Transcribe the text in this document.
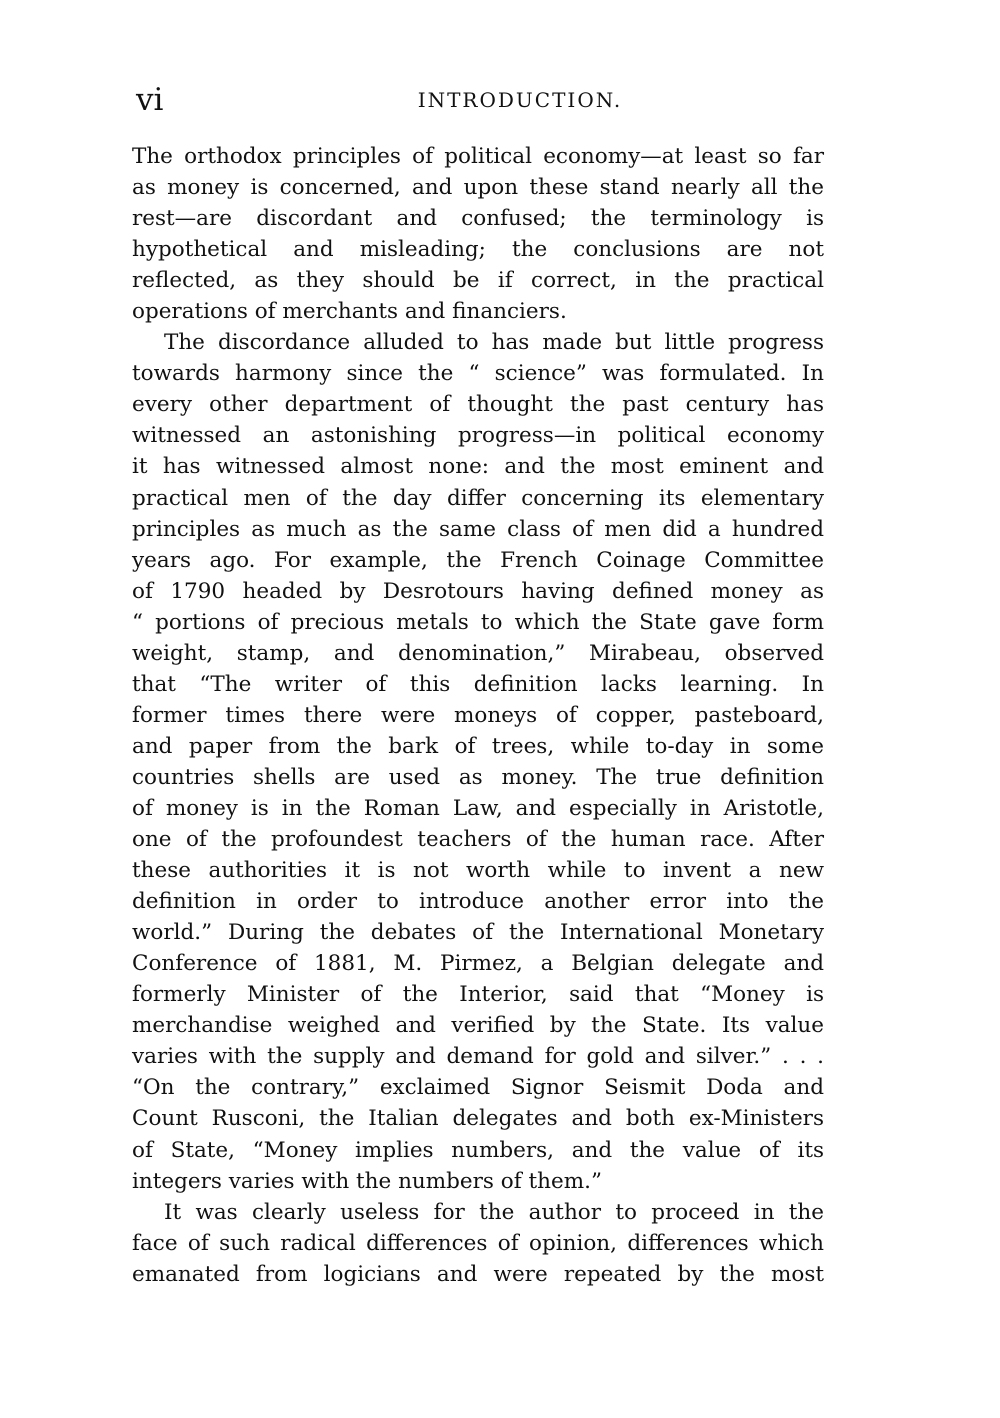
vi	INTRODUCTION.
The orthodox principles of political economy—at least so far
as money is concerned, and upon these stand nearly all the
rest—are discordant and confused; the terminology is
hypothetical and misleading; the conclusions are not
reflected, as they should be if correct, in the practical
operations of merchants and financiers.
The discordance alluded to has made but little progress
towards harmony since the “ science” was formulated. In
every other department of thought the past century has
witnessed an astonishing progress—in political economy
it has witnessed almost none: and the most eminent and
practical men of the day differ concerning its elementary
principles as much as the same class of men did a hundred
years ago. For example, the French Coinage Committee
of 1790 headed by Desrotours having defined money as
“ portions of precious metals to which the State gave form
weight, stamp, and denomination,” Mirabeau, observed
that “The writer of this definition lacks learning. In
former times there were moneys of copper, pasteboard,
and paper from the bark of trees, while to-day in some
countries shells are used as money. The true definition
of money is in the Roman Law, and especially in Aristotle,
one of the profoundest teachers of the human race. After
these authorities it is not worth while to invent a new
definition in order to introduce another error into the
world.” During the debates of the International Monetary
Conference of 1881, M. Pirmez, a Belgian delegate and
formerly Minister of the Interior, said that “Money is
merchandise weighed and verified by the State. Its value
varies with the supply and demand for gold and silver.” . . .
“On the contrary,” exclaimed Signor Seismit Doda and
Count Rusconi, the Italian delegates and both ex-Ministers
of State, “Money implies numbers, and the value of its
integers varies with the numbers of them.”
It was clearly useless for the author to proceed in the
face of such radical differences of opinion, differences which
emanated from logicians and were repeated by the most
